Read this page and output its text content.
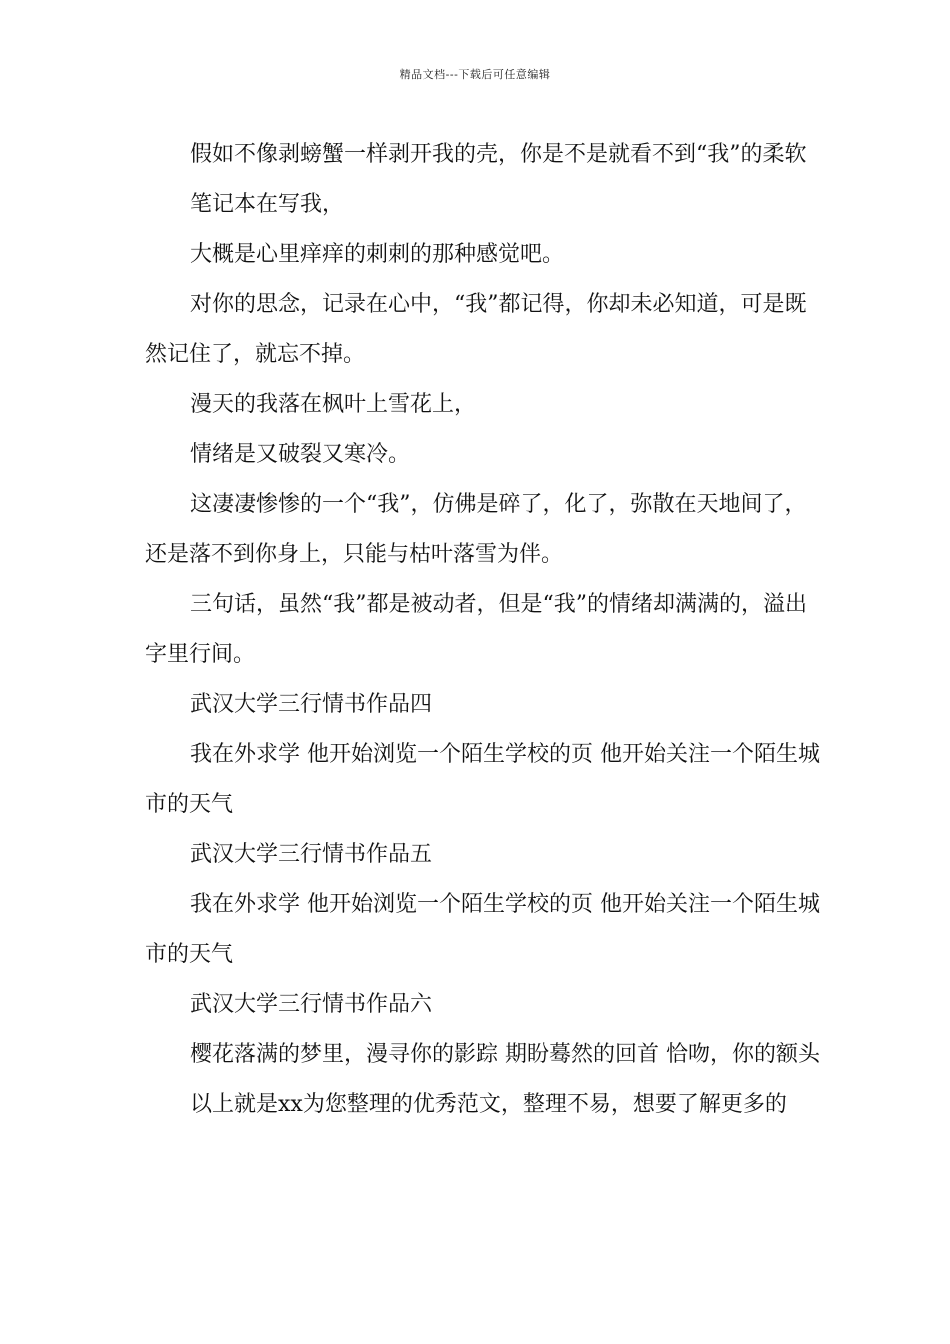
精品文档---下载后可任意编辑

假如不像剥螃蟹一样剥开我的壳，你是不是就看不到“我”的柔软

笔记本在写我，

大概是心里痒痒的刺刺的那种感觉吧。

对你的思念，记录在心中，“我”都记得，你却未必知道，可是既然记住了，就忘不掉。

漫天的我落在枫叶上雪花上，

情绪是又破裂又寒冷。

这凄凄惨惨的一个“我”，仿佛是碎了，化了，弥散在天地间了，还是落不到你身上，只能与枯叶落雪为伴。

三句话，虽然“我”都是被动者，但是“我”的情绪却满满的，溢出字里行间。

武汉大学三行情书作品四

我在外求学 他开始浏览一个陌生学校的页 他开始关注一个陌生城市的天气

武汉大学三行情书作品五

我在外求学 他开始浏览一个陌生学校的页 他开始关注一个陌生城市的天气

武汉大学三行情书作品六

樱花落满的梦里，漫寻你的影踪 期盼蓦然的回首 恰吻，你的额头

以上就是xx为您整理的优秀范文，整理不易，想要了解更多的
